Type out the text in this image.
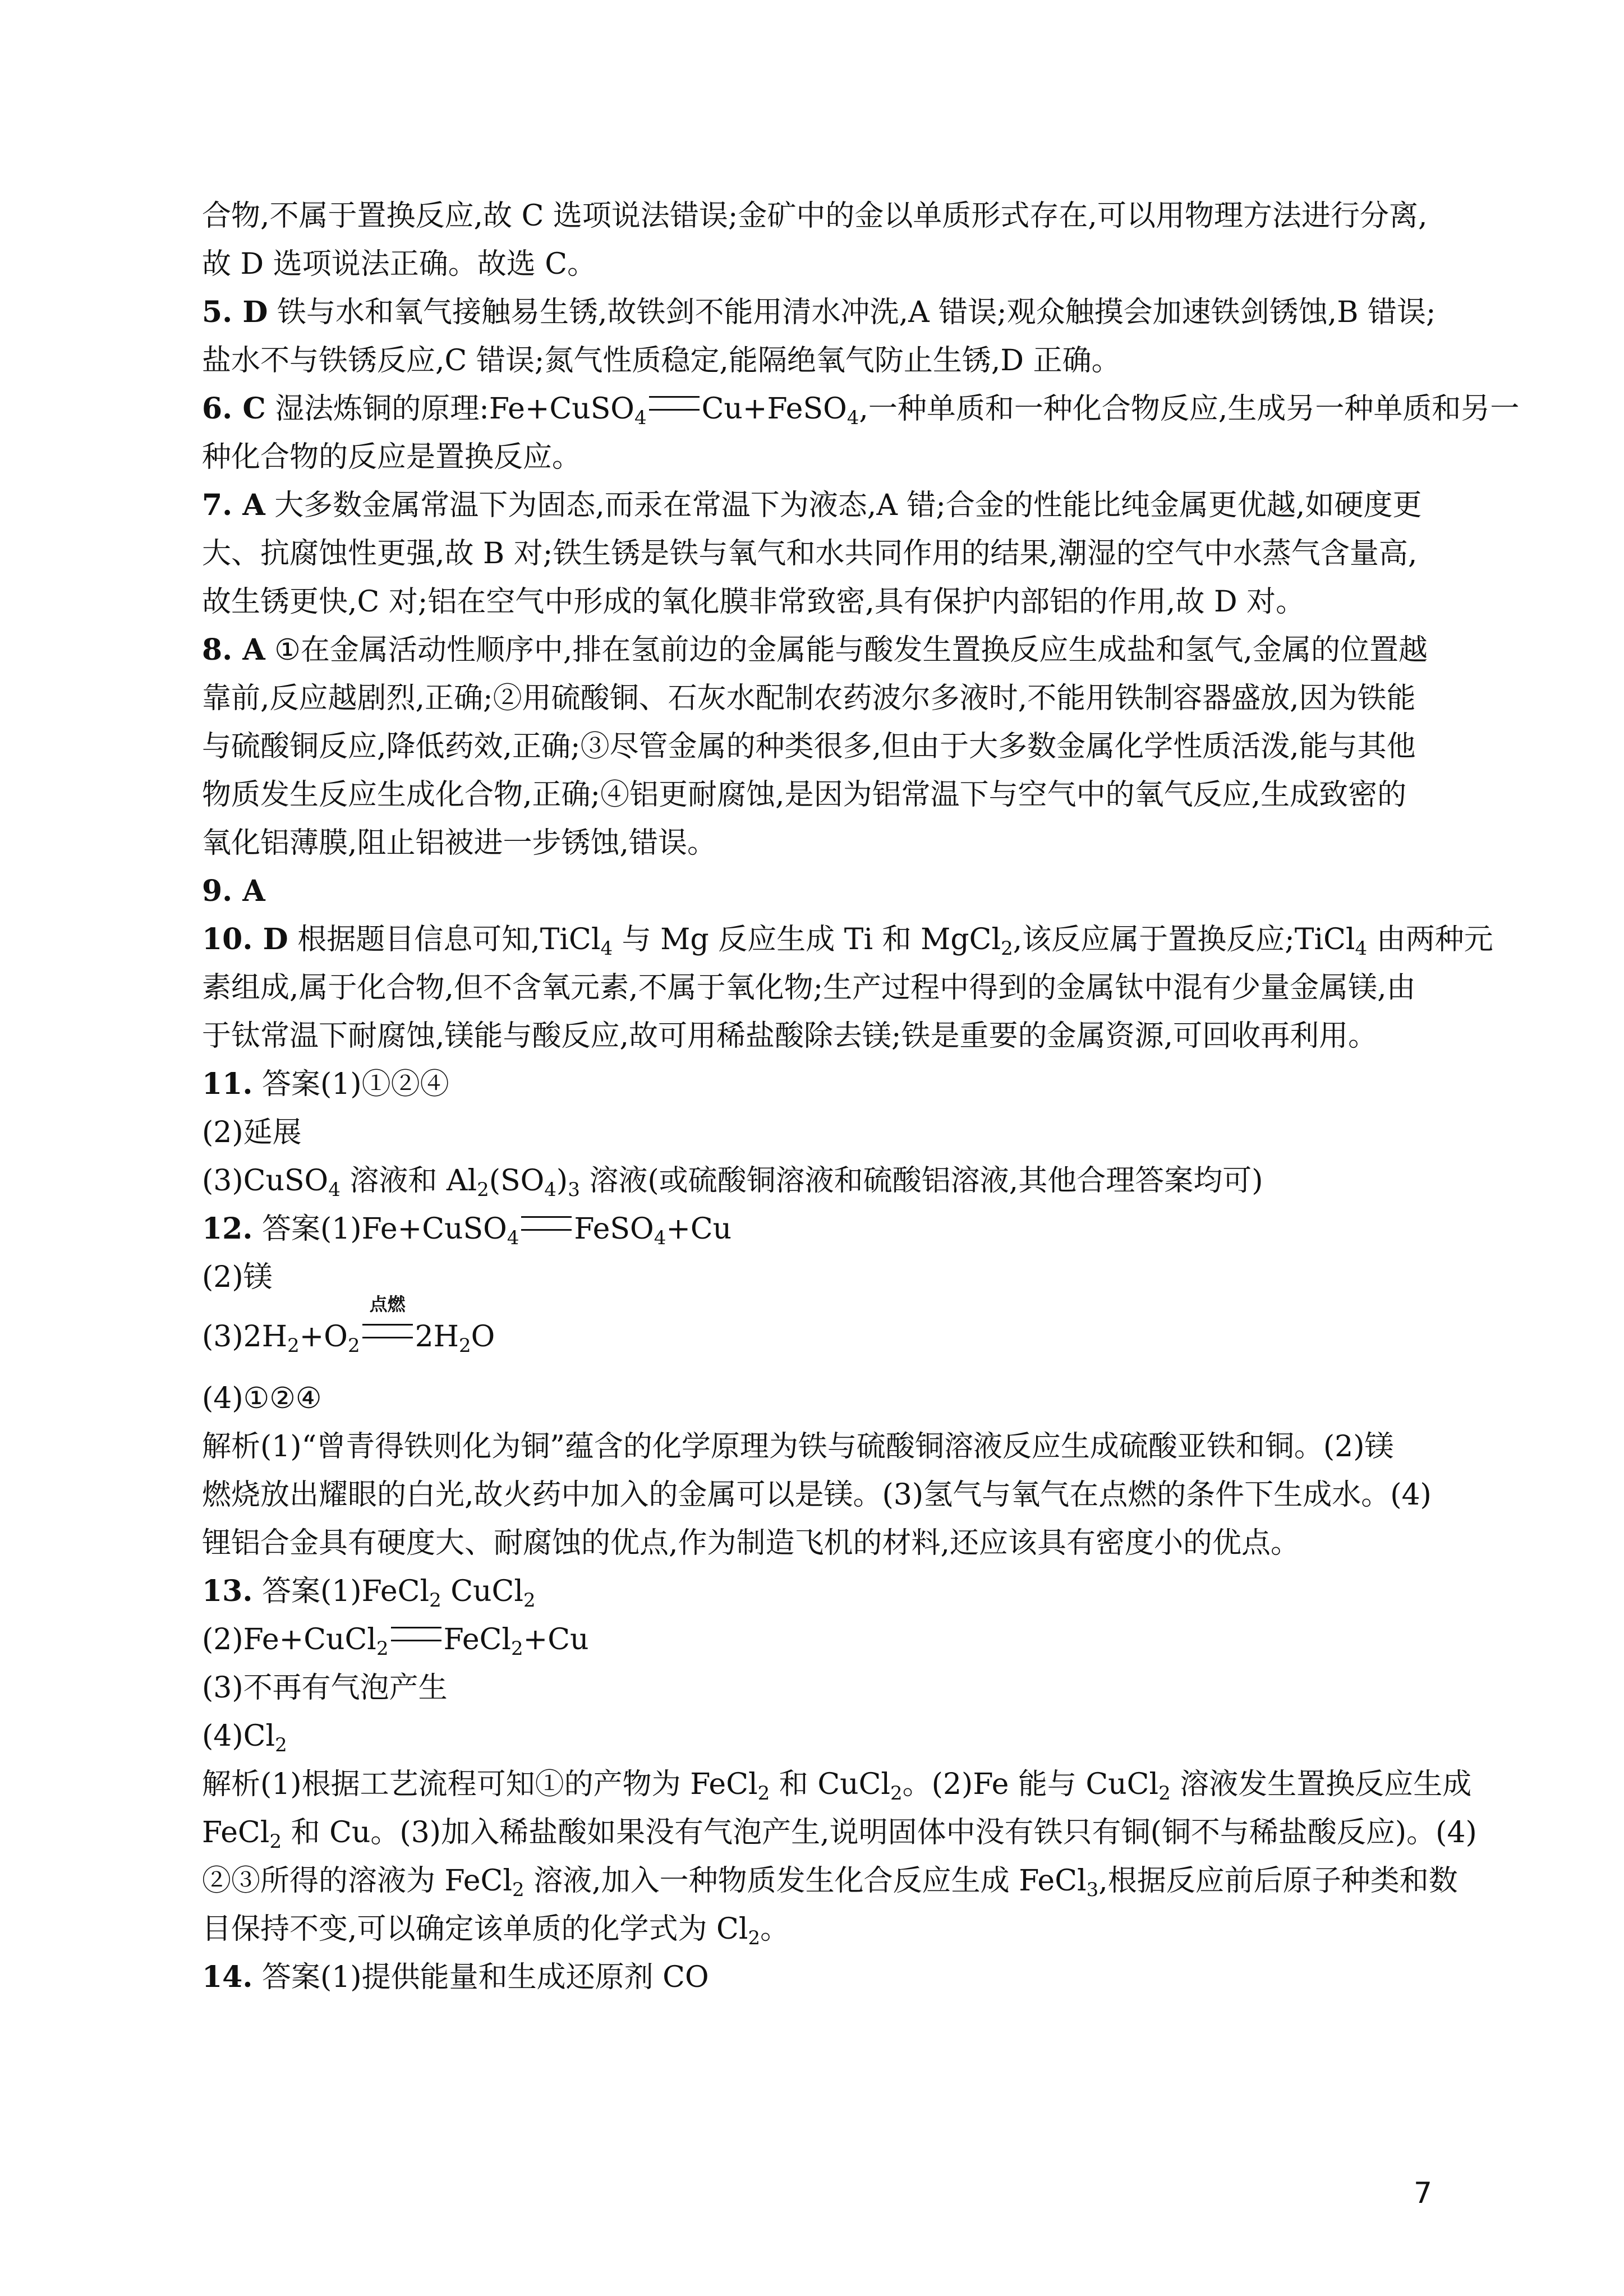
合物,不属于置换反应,故 C 选项说法错误;金矿中的金以单质形式存在,可以用物理方法进行分离,

故 D 选项说法正确。故选 C。

5. D 铁与水和氧气接触易生锈,故铁剑不能用清水冲洗,A 错误;观众触摸会加速铁剑锈蚀,B 错误;

盐水不与铁锈反应,C 错误;氮气性质稳定,能隔绝氧气防止生锈,D 正确。

6. C 湿法炼铜的原理:Fe+CuSO$_4$ Cu+FeSO$_4$,一种单质和一种化合物反应,生成另一种单质和另一

种化合物的反应是置换反应。

7. A 大多数金属常温下为固态,而汞在常温下为液态,A 错;合金的性能比纯金属更优越,如硬度更

大、抗腐蚀性更强,故 B 对;铁生锈是铁与氧气和水共同作用的结果,潮湿的空气中水蒸气含量高,

故生锈更快,C 对;铝在空气中形成的氧化膜非常致密,具有保护内部铝的作用,故 D 对。

8. A ①在金属活动性顺序中,排在氢前边的金属能与酸发生置换反应生成盐和氢气,金属的位置越

靠前,反应越剧烈,正确;②用硫酸铜、石灰水配制农药波尔多液时,不能用铁制容器盛放,因为铁能

与硫酸铜反应,降低药效,正确;③尽管金属的种类很多,但由于大多数金属化学性质活泼,能与其他

物质发生反应生成化合物,正确;④铝更耐腐蚀,是因为铝常温下与空气中的氧气反应,生成致密的

氧化铝薄膜,阻止铝被进一步锈蚀,错误。

9. A

10. D 根据题目信息可知,TiCl$_4$ 与 Mg 反应生成 Ti 和 MgCl$_2$,该反应属于置换反应;TiCl$_4$ 由两种元

素组成,属于化合物,但不含氧元素,不属于氧化物;生产过程中得到的金属钛中混有少量金属镁,由

于钛常温下耐腐蚀,镁能与酸反应,故可用稀盐酸除去镁;铁是重要的金属资源,可回收再利用。

11. 答案(1)①②④

(2)延展

(3)CuSO$_4$ 溶液和 $Al_2(SO_4)_3$ 溶液(或硫酸铜溶液和硫酸铝溶液,其他合理答案均可)

12. 答案(1)Fe+CuSO$_4$ FeSO$_4$+Cu

(2)镁

$(3)2H_2+O_2$
点燃
$2H_2O$

(4)①②④

解析(1)“曾青得铁则化为铜”蕴含的化学原理为铁与硫酸铜溶液反应生成硫酸亚铁和铜。(2)镁

燃烧放出耀眼的白光,故火药中加入的金属可以是镁。(3)氢气与氧气在点燃的条件下生成水。(4)

锂铝合金具有硬度大、耐腐蚀的优点,作为制造飞机的材料,还应该具有密度小的优点。

13. 答案(1)FeCl$_2$ CuCl$_2$

(2)Fe+CuCl$_2$ FeCl$_2$+Cu

(3)不再有气泡产生

$(4)Cl_2$

解析(1)根据工艺流程可知①的产物为 FeCl$_2$ 和 CuCl$_2$。(2)Fe 能与 CuCl$_2$ 溶液发生置换反应生成

FeCl$_2$ 和 Cu。(3)加入稀盐酸如果没有气泡产生,说明固体中没有铁只有铜(铜不与稀盐酸反应)。(4)

②③所得的溶液为 FeCl$_2$ 溶液,加入一种物质发生化合反应生成 FeCl$_3$,根据反应前后原子种类和数

目保持不变,可以确定该单质的化学式为 $Cl_2$。

14. 答案(1)提供能量和生成还原剂 CO

7
